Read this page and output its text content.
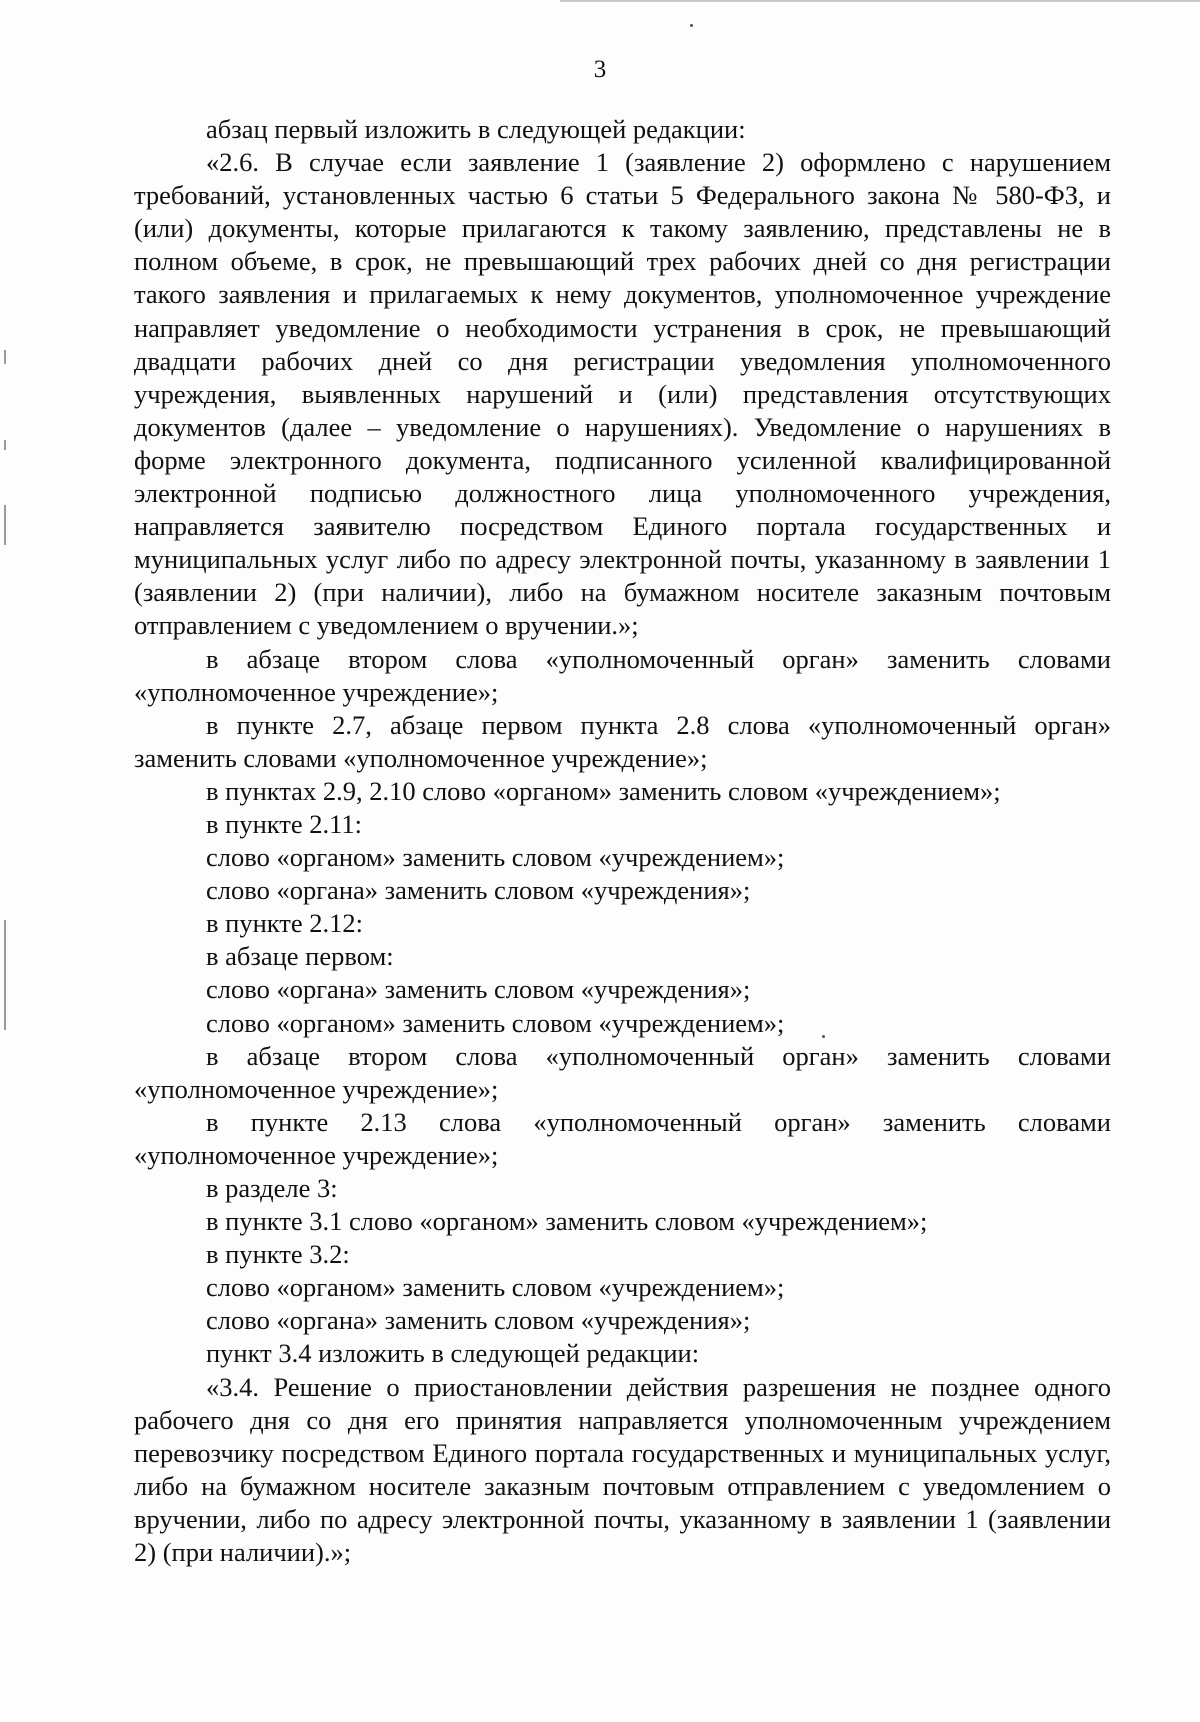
3

абзац первый изложить в следующей редакции:

«2.6. В случае если заявление 1 (заявление 2) оформлено с нарушением требований, установленных частью 6 статьи 5 Федерального закона № 580-ФЗ, и (или) документы, которые прилагаются к такому заявлению, представлены не в полном объеме, в срок, не превышающий трех рабочих дней со дня регистрации такого заявления и прилагаемых к нему документов, уполномоченное учреждение направляет уведомление о необходимости устранения в срок, не превышающий двадцати рабочих дней со дня регистрации уведомления уполномоченного учреждения, выявленных нарушений и (или) представления отсутствующих документов (далее – уведомление о нарушениях). Уведомление о нарушениях в форме электронного документа, подписанного усиленной квалифицированной электронной подписью должностного лица уполномоченного учреждения, направляется заявителю посредством Единого портала государственных и муниципальных услуг либо по адресу электронной почты, указанному в заявлении 1 (заявлении 2) (при наличии), либо на бумажном носителе заказным почтовым отправлением с уведомлением о вручении.»;

в абзаце втором слова «уполномоченный орган» заменить словами «уполномоченное учреждение»;

в пункте 2.7, абзаце первом пункта 2.8 слова «уполномоченный орган» заменить словами «уполномоченное учреждение»;

в пунктах 2.9, 2.10 слово «органом» заменить словом «учреждением»;

в пункте 2.11:

слово «органом» заменить словом «учреждением»;

слово «органа» заменить словом «учреждения»;

в пункте 2.12:

в абзаце первом:

слово «органа» заменить словом «учреждения»;

слово «органом» заменить словом «учреждением»;

в абзаце втором слова «уполномоченный орган» заменить словами «уполномоченное учреждение»;

в пункте 2.13 слова «уполномоченный орган» заменить словами «уполномоченное учреждение»;

в разделе 3:

в пункте 3.1 слово «органом» заменить словом «учреждением»;

в пункте 3.2:

слово «органом» заменить словом «учреждением»;

слово «органа» заменить словом «учреждения»;

пункт 3.4 изложить в следующей редакции:

«3.4. Решение о приостановлении действия разрешения не позднее одного рабочего дня со дня его принятия направляется уполномоченным учреждением перевозчику посредством Единого портала государственных и муниципальных услуг, либо на бумажном носителе заказным почтовым отправлением с уведомлением о вручении, либо по адресу электронной почты, указанному в заявлении 1 (заявлении 2) (при наличии).»;
